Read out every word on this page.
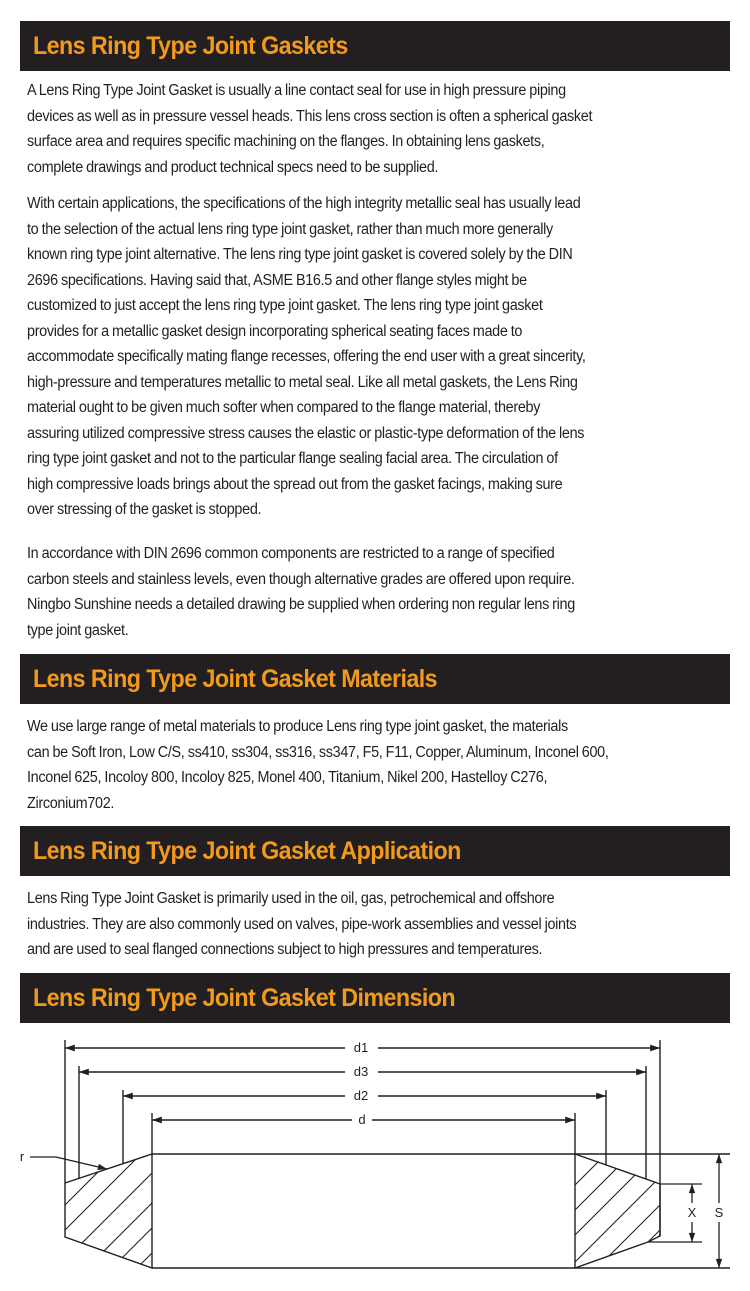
Lens Ring Type Joint Gaskets

A Lens Ring Type Joint Gasket is usually a line contact seal for use in high pressure piping
devices as well as in pressure vessel heads. This lens cross section is often a spherical gasket
surface area and requires specific machining on the flanges. In obtaining lens gaskets,
complete drawings and product technical specs need to be supplied.

With certain applications, the specifications of the high integrity metallic seal has usually lead
to the selection of the actual lens ring type joint gasket, rather than much more generally
known ring type joint alternative. The lens ring type joint gasket is covered solely by the DIN
2696 specifications. Having said that, ASME B16.5 and other flange styles might be
customized to just accept the lens ring type joint gasket. The lens ring type joint gasket
provides for a metallic gasket design incorporating spherical seating faces made to
accommodate specifically mating flange recesses, offering the end user with a great sincerity,
high-pressure and temperatures metallic to metal seal. Like all metal gaskets, the Lens Ring
material ought to be given much softer when compared to the flange material, thereby
assuring utilized compressive stress causes the elastic or plastic-type deformation of the lens
ring type joint gasket and not to the particular flange sealing facial area. The circulation of
high compressive loads brings about the spread out from the gasket facings, making sure
over stressing of the gasket is stopped.

In accordance with DIN 2696 common components are restricted to a range of specified
carbon steels and stainless levels, even though alternative grades are offered upon require.
Ningbo Sunshine needs a detailed drawing be supplied when ordering non regular lens ring
type joint gasket.

Lens Ring Type Joint Gasket Materials

We use large range of metal materials to produce Lens ring type joint gasket, the materials
can be Soft Iron, Low C/S, ss410, ss304, ss316, ss347, F5, F11, Copper, Aluminum, Inconel 600,
Inconel 625, Incoloy 800, Incoloy 825, Monel 400, Titanium, Nikel 200, Hastelloy C276,
Zirconium702.

Lens Ring Type Joint Gasket Application

Lens Ring Type Joint Gasket is primarily used in the oil, gas, petrochemical and offshore
industries. They are also commonly used on valves, pipe-work assemblies and vessel joints
and are used to seal flanged connections subject to high pressures and temperatures.

Lens Ring Type Joint Gasket Dimension
d1
d3
d2
d
r
X S
